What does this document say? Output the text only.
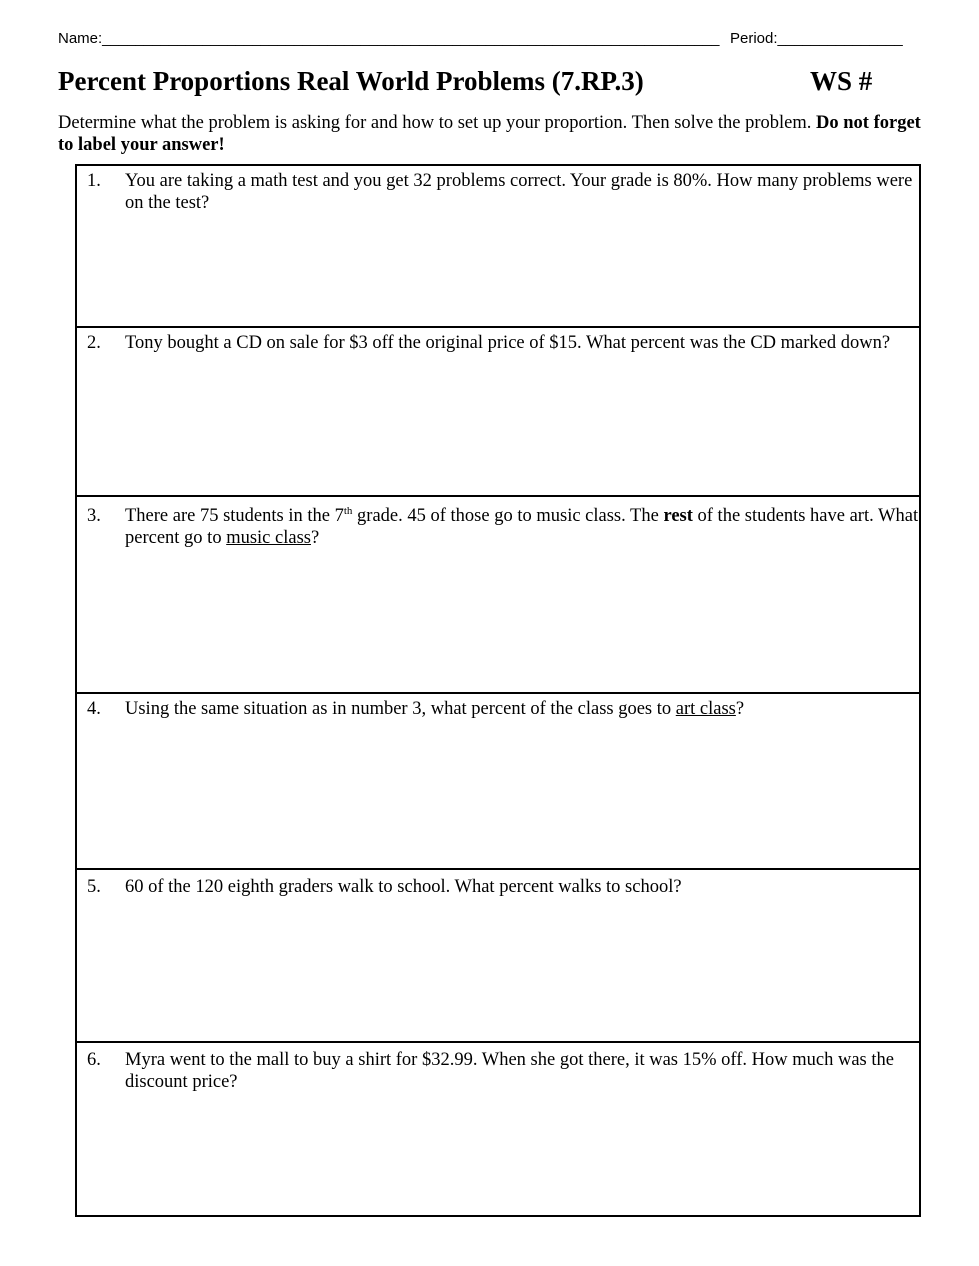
Name:__________________________________________________________________________ Period:_______________
Percent Proportions Real World Problems (7.RP.3)	WS #
Determine what the problem is asking for and how to set up your proportion. Then solve the problem. Do not forget to label your answer!
1.	You are taking a math test and you get 32 problems correct. Your grade is 80%. How many problems were on the test?
2.	Tony bought a CD on sale for $3 off the original price of $15. What percent was the CD marked down?
3.	There are 75 students in the 7th grade. 45 of those go to music class. The rest of the students have art. What percent go to music class?
4.	Using the same situation as in number 3, what percent of the class goes to art class?
5.	60 of the 120 eighth graders walk to school. What percent walks to school?
6.	Myra went to the mall to buy a shirt for $32.99. When she got there, it was 15% off. How much was the discount price?
